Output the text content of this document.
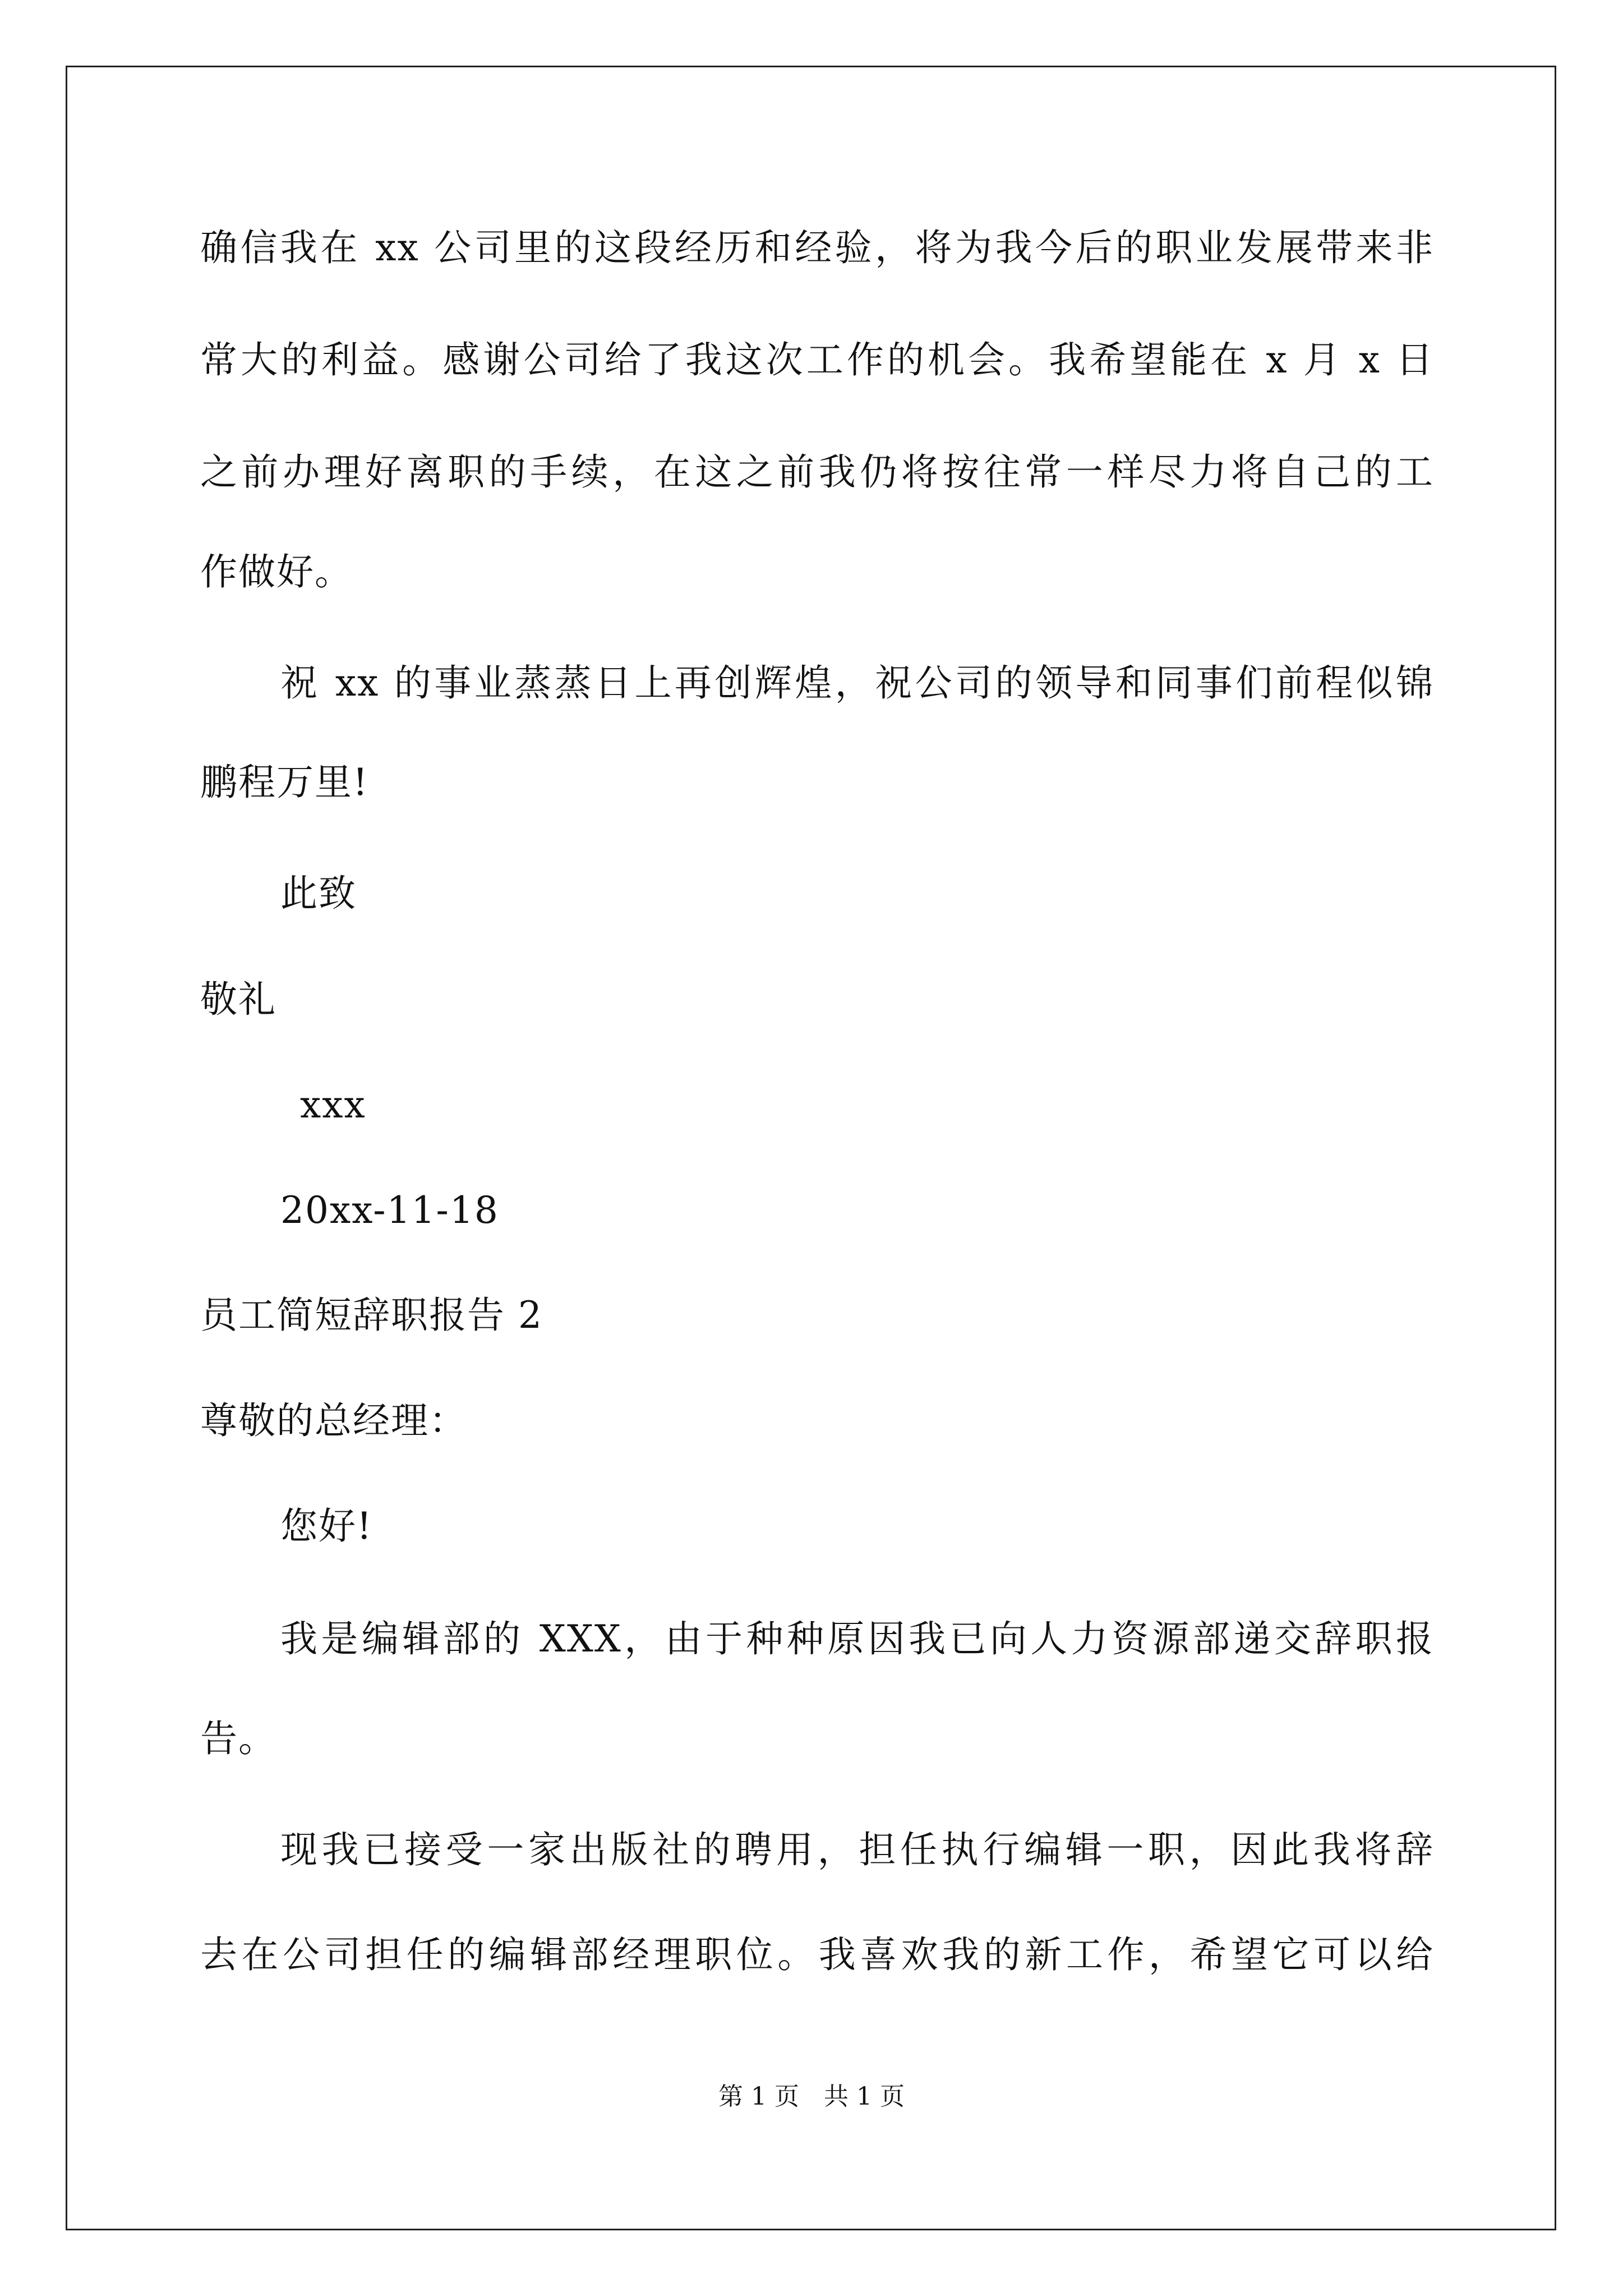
确信我在 xx 公司里的这段经历和经验，将为我今后的职业发展带来非
常大的利益。感谢公司给了我这次工作的机会。我希望能在 x 月 x 日
之前办理好离职的手续，在这之前我仍将按往常一样尽力将自己的工
作做好。
祝 xx 的事业蒸蒸日上再创辉煌，祝公司的领导和同事们前程似锦
鹏程万里!
此致
敬礼
xxx
20xx-11-18
员工简短辞职报告 2
尊敬的总经理：
您好!
我是编辑部的 XXX，由于种种原因我已向人力资源部递交辞职报
告。
现我已接受一家出版社的聘用，担任执行编辑一职，因此我将辞
去在公司担任的编辑部经理职位。我喜欢我的新工作，希望它可以给
第 1 页　共 1 页
